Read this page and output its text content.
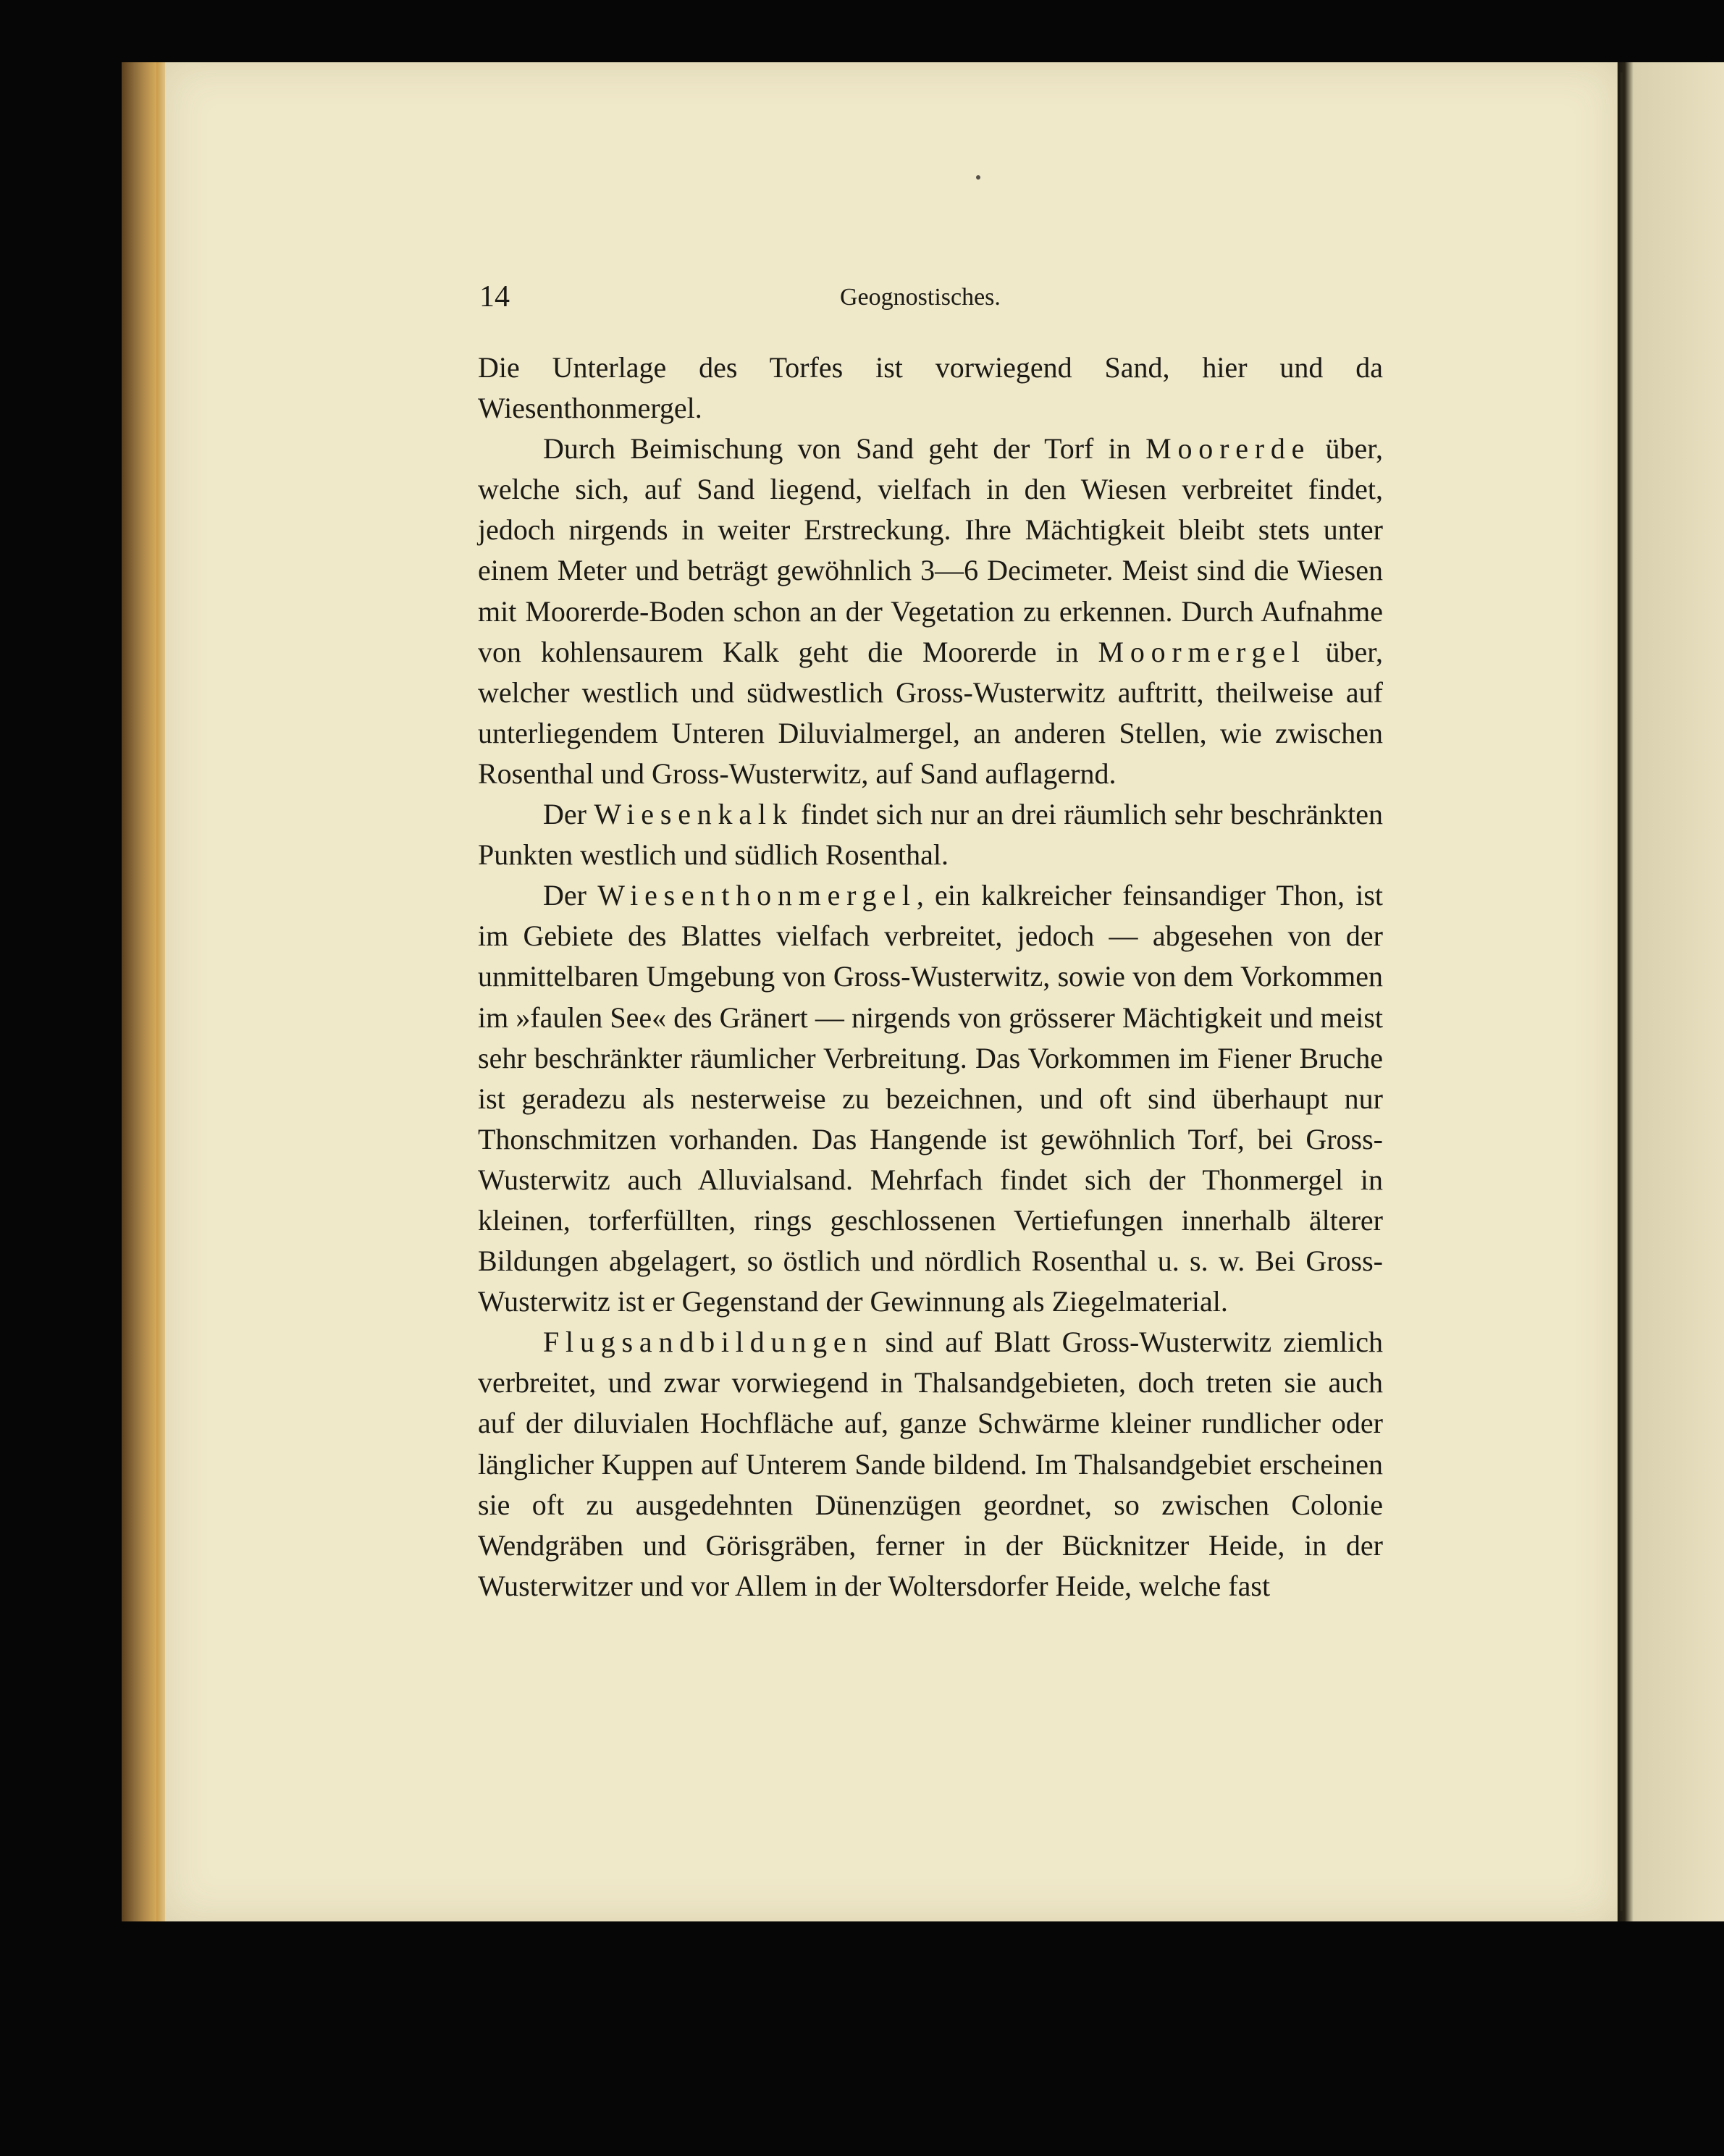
14	Geognostisches.

Die Unterlage des Torfes ist vorwiegend Sand, hier und da Wiesenthonmergel.

Durch Beimischung von Sand geht der Torf in Moorerde über, welche sich, auf Sand liegend, vielfach in den Wiesen verbreitet findet, jedoch nirgends in weiter Erstreckung. Ihre Mächtigkeit bleibt stets unter einem Meter und beträgt gewöhnlich 3—6 Decimeter. Meist sind die Wiesen mit Moorerde-Boden schon an der Vegetation zu erkennen. Durch Aufnahme von kohlensaurem Kalk geht die Moorerde in Moormergel über, welcher westlich und südwestlich Gross-Wusterwitz auftritt, theilweise auf unterliegendem Unteren Diluvialmergel, an anderen Stellen, wie zwischen Rosenthal und Gross-Wusterwitz, auf Sand auflagernd.

Der Wiesenkalk findet sich nur an drei räumlich sehr beschränkten Punkten westlich und südlich Rosenthal.

Der Wiesenthonmergel, ein kalkreicher feinsandiger Thon, ist im Gebiete des Blattes vielfach verbreitet, jedoch — abgesehen von der unmittelbaren Umgebung von Gross-Wusterwitz, sowie von dem Vorkommen im »faulen See« des Gränert — nirgends von grösserer Mächtigkeit und meist sehr beschränkter räumlicher Verbreitung. Das Vorkommen im Fiener Bruche ist geradezu als nesterweise zu bezeichnen, und oft sind überhaupt nur Thonschmitzen vorhanden. Das Hangende ist gewöhnlich Torf, bei Gross-Wusterwitz auch Alluvialsand. Mehrfach findet sich der Thonmergel in kleinen, torferfüllten, rings geschlossenen Vertiefungen innerhalb älterer Bildungen abgelagert, so östlich und nördlich Rosenthal u. s. w. Bei Gross-Wusterwitz ist er Gegenstand der Gewinnung als Ziegelmaterial.

Flugsandbildungen sind auf Blatt Gross-Wusterwitz ziemlich verbreitet, und zwar vorwiegend in Thalsandgebieten, doch treten sie auch auf der diluvialen Hochfläche auf, ganze Schwärme kleiner rundlicher oder länglicher Kuppen auf Unterem Sande bildend. Im Thalsandgebiet erscheinen sie oft zu ausgedehnten Dünenzügen geordnet, so zwischen Colonie Wendgräben und Görisgräben, ferner in der Bücknitzer Heide, in der Wusterwitzer und vor Allem in der Woltersdorfer Heide, welche fast
